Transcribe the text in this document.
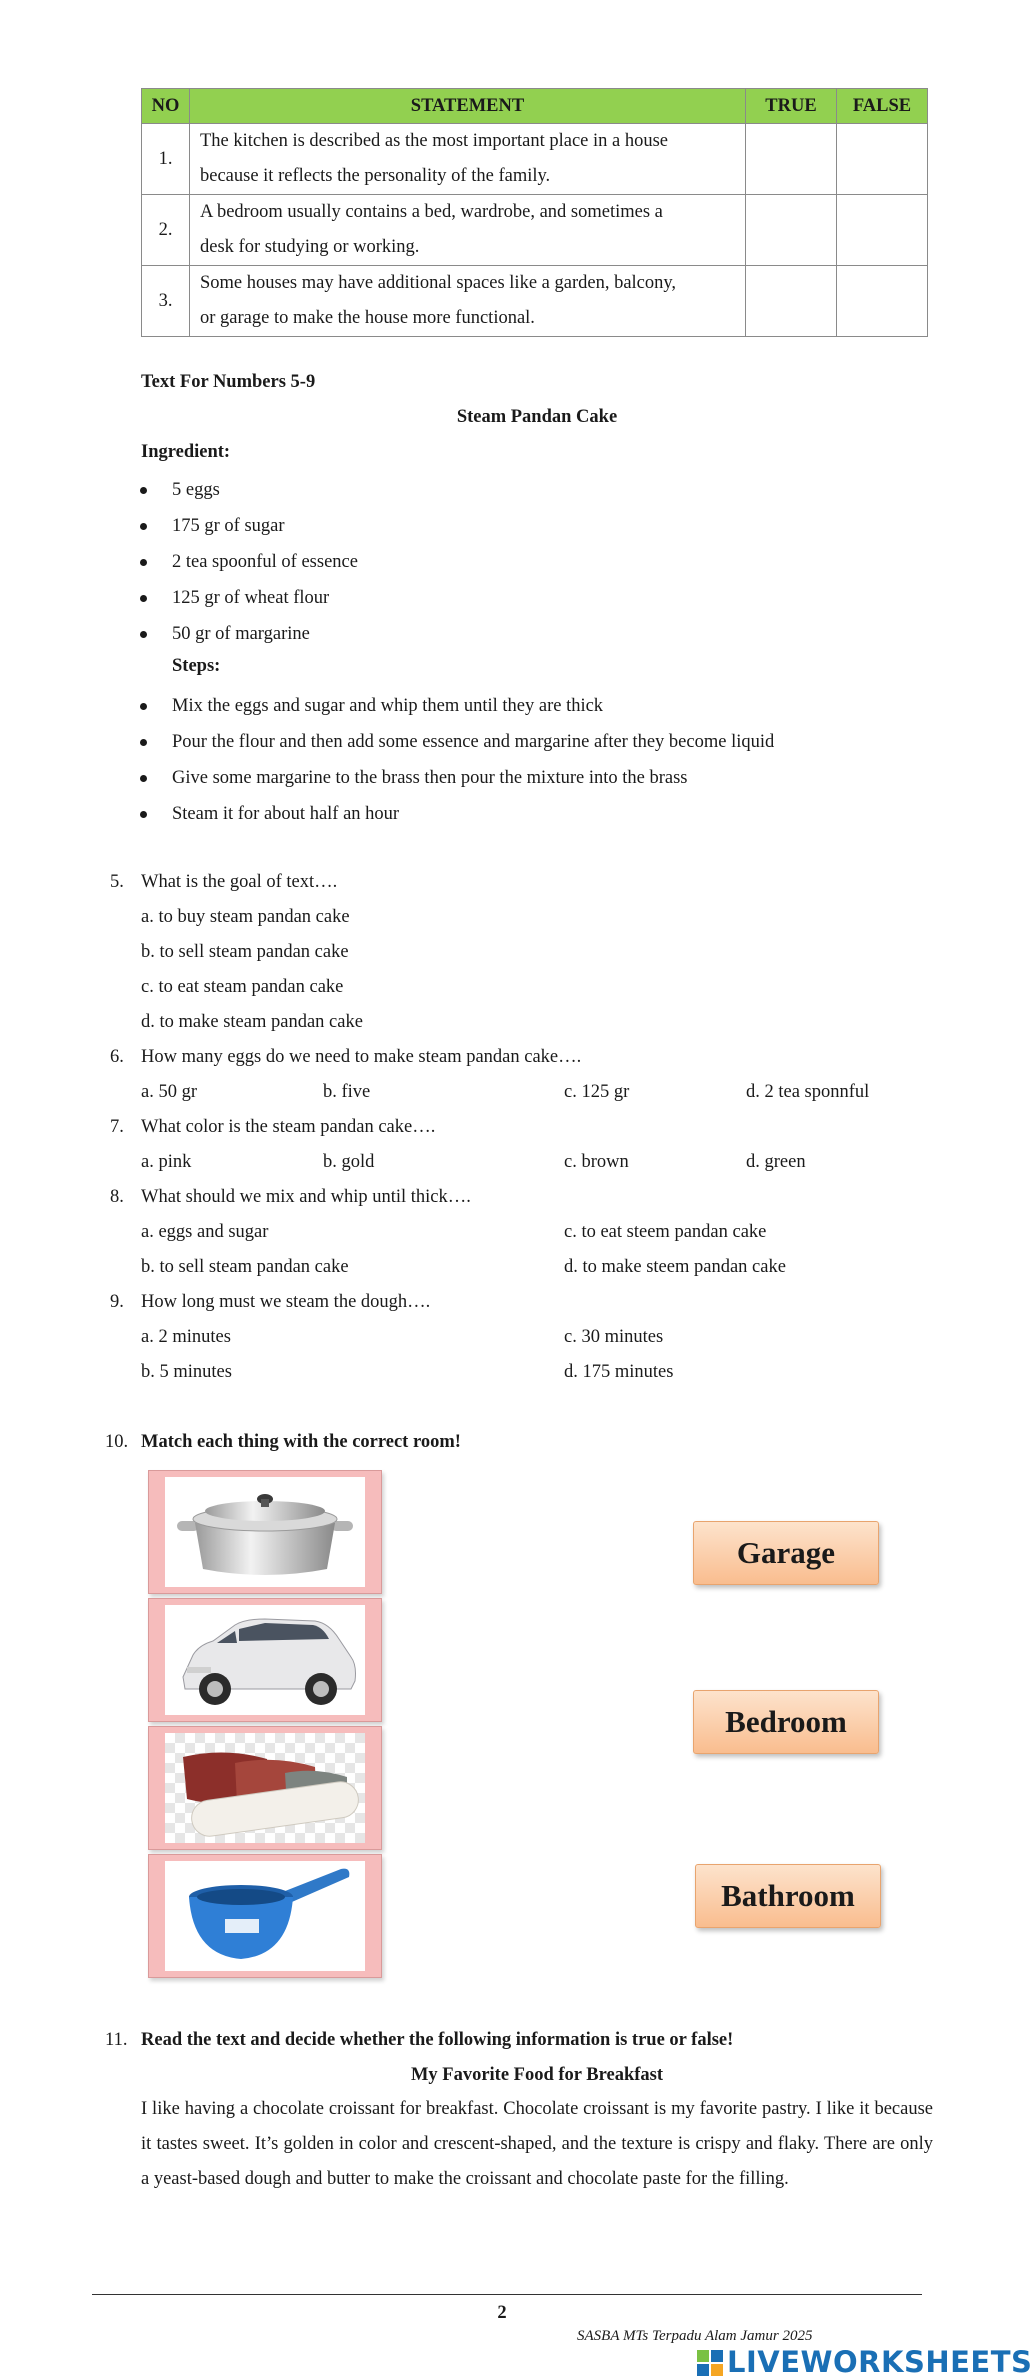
NO	STATEMENT	TRUE	FALSE
1.	The kitchen is described as the most important place in a house
because it reflects the personality of the family.		

2.	A bedroom usually contains a bed, wardrobe, and sometimes a
desk for studying or working.		

3.	Some houses may have additional spaces like a garden, balcony,
or garage to make the house more functional.		

Text For Numbers 5-9
Steam Pandan Cake
Ingredient:
5 eggs
175 gr of sugar
2 tea spoonful of essence
125 gr of wheat flour
50 gr of margarine
Steps:
Mix the eggs and sugar and whip them until they are thick
Pour the flour and then add some essence and margarine after they become liquid
Give some margarine to the brass then pour the mixture into the brass
Steam it for about half an hour
5. What is the goal of text….
a. to buy steam pandan cake
b. to sell steam pandan cake
c. to eat steam pandan cake
d. to make steam pandan cake
6. How many eggs do we need to make steam pandan cake….
a. 50 gr	b. five	c. 125 gr	d. 2 tea sponnful
7. What color is the steam pandan cake….
a. pink	b. gold	c. brown	d. green
8. What should we mix and whip until thick….
a. eggs and sugar	c. to eat steem pandan cake
b. to sell steam pandan cake	d. to make steem pandan cake
9. How long must we steam the dough….
a. 2 minutes	c. 30 minutes
b. 5 minutes	d. 175 minutes
10. Match each thing with the correct room!
Garage
Bedroom
Bathroom
11. Read the text and decide whether the following information is true or false!
My Favorite Food for Breakfast
I like having a chocolate croissant for breakfast. Chocolate croissant is my favorite pastry. I like it because it tastes sweet. It’s golden in color and crescent-shaped, and the texture is crispy and flaky. There are only a yeast-based dough and butter to make the croissant and chocolate paste for the filling.
2
SASBA MTs Terpadu Alam Jamur 2025
LIVEWORKSHEETS
